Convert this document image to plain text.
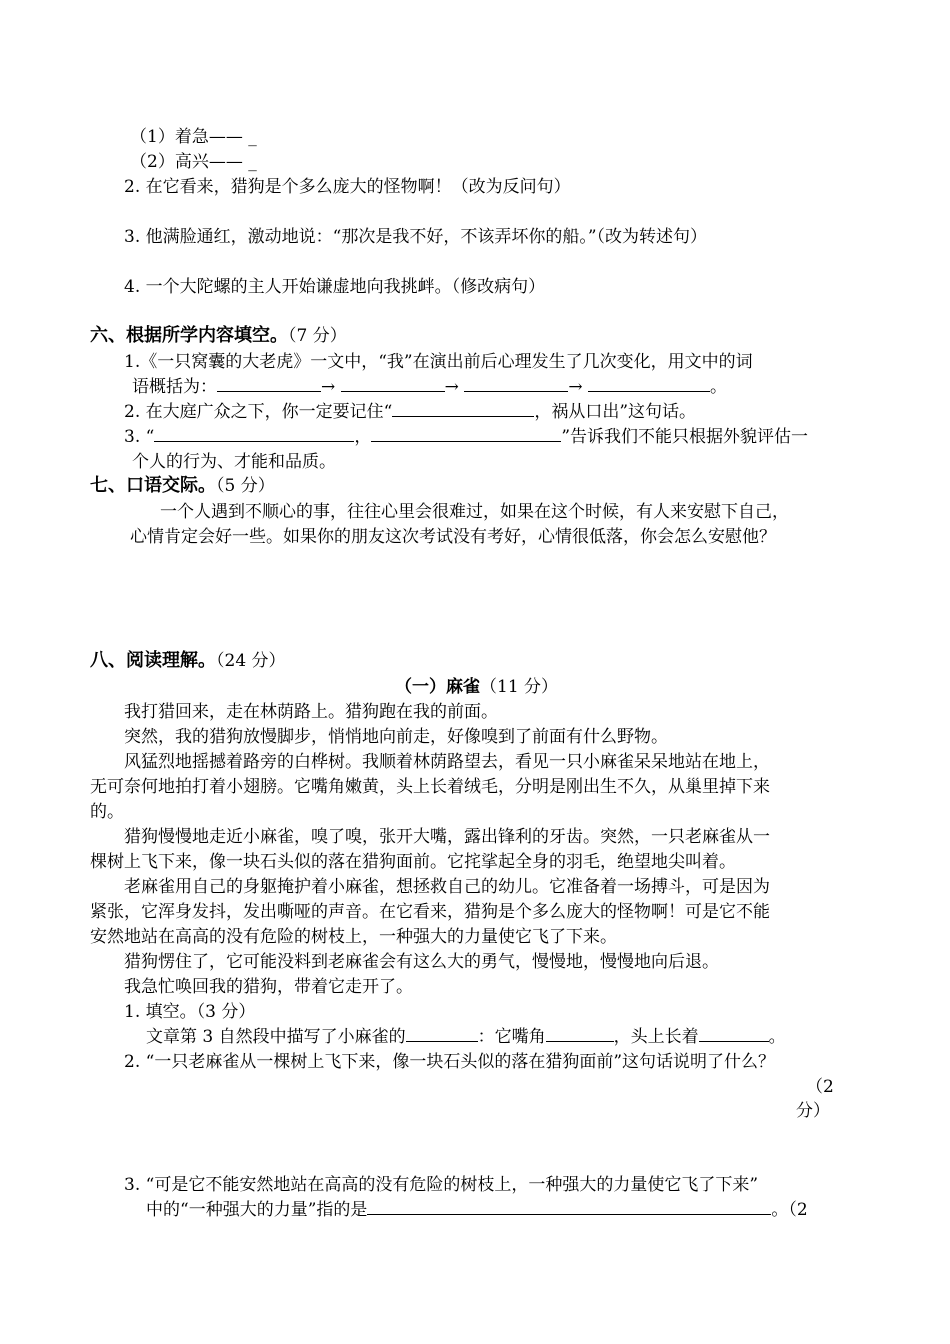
（1）着急—— _
（2）高兴—— _
2. 在它看来，猎狗是个多么庞大的怪物啊！（改为反问句）
3. 他满脸通红，激动地说：“那次是我不好，不该弄坏你的船。”（改为转述句）
4. 一个大陀螺的主人开始谦虚地向我挑衅。（修改病句）
六、根据所学内容填空。（7 分）
1.《一只窝囊的大老虎》一文中，“我”在演出前后心理发生了几次变化，用文中的词
语概括为：	→	→	→	。
2. 在大庭广众之下，你一定要记住“	，祸从口出”这句话。
3. “	，	”告诉我们不能只根据外貌评估一
个人的行为、才能和品质。
七、口语交际。（5 分）
一个人遇到不顺心的事，往往心里会很难过，如果在这个时候，有人来安慰下自己，
心情肯定会好一些。如果你的朋友这次考试没有考好，心情很低落，你会怎么安慰他？
八、阅读理解。（24 分）
（一）麻雀（11 分）
我打猎回来，走在林荫路上。猎狗跑在我的前面。
突然，我的猎狗放慢脚步，悄悄地向前走，好像嗅到了前面有什么野物。
风猛烈地摇撼着路旁的白桦树。我顺着林荫路望去，看见一只小麻雀呆呆地站在地上，
无可奈何地拍打着小翅膀。它嘴角嫩黄，头上长着绒毛，分明是刚出生不久，从巢里掉下来
的。
猎狗慢慢地走近小麻雀，嗅了嗅，张开大嘴，露出锋利的牙齿。突然，一只老麻雀从一
棵树上飞下来，像一块石头似的落在猎狗面前。它挓挲起全身的羽毛，绝望地尖叫着。
老麻雀用自己的身躯掩护着小麻雀，想拯救自己的幼儿。它准备着一场搏斗，可是因为
紧张，它浑身发抖，发出嘶哑的声音。在它看来，猎狗是个多么庞大的怪物啊！可是它不能
安然地站在高高的没有危险的树枝上，一种强大的力量使它飞了下来。
猎狗愣住了，它可能没料到老麻雀会有这么大的勇气，慢慢地，慢慢地向后退。
我急忙唤回我的猎狗，带着它走开了。
1. 填空。（3 分）
文章第 3 自然段中描写了小麻雀的	：它嘴角	，头上长着	。
2. “一只老麻雀从一棵树上飞下来，像一块石头似的落在猎狗面前”这句话说明了什么？
（2
分）
3. “可是它不能安然地站在高高的没有危险的树枝上，一种强大的力量使它飞了下来”
中的“一种强大的力量”指的是	。（2
